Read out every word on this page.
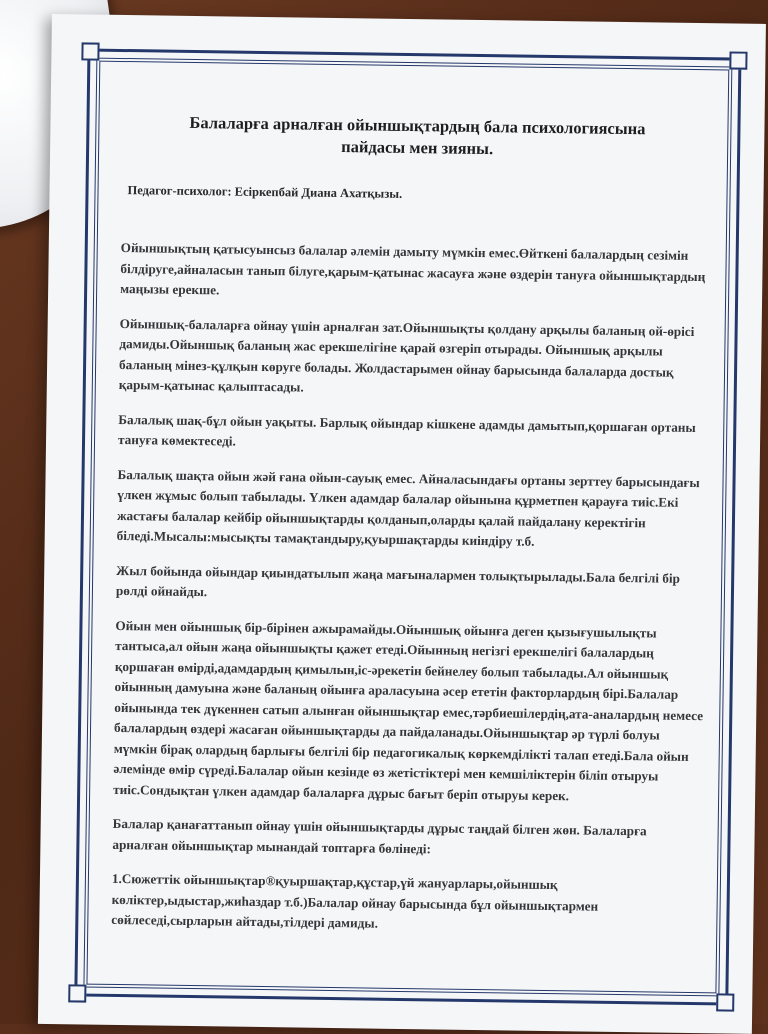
Балаларға арналған ойыншықтардың бала психологиясына
пайдасы мен зияны.
Педагог-психолог: Есіркепбай Диана Ахатқызы.

Ойыншықтың қатысуынсыз балалар әлемін дамыту мүмкін емес.Өйткені балалардың сезімін білдіруге,айналасын танып білуге,қарым-қатынас жасауға және өздерін тануға ойыншықтардың маңызы ерекше.

Ойыншық-балаларға ойнау үшін арналған зат.Ойыншықты қолдану арқылы баланың ой-өрісі дамиды.Ойыншық баланың жас ерекшелігіне қарай өзгеріп отырады. Ойыншық арқылы баланың мінез-құлқын көруге болады. Жолдастарымен ойнау барысында балаларда достық қарым-қатынас қалыптасады.

Балалық шақ-бұл ойын уақыты. Барлық ойындар кішкене адамды дамытып,қоршаған ортаны тануға көмектеседі.

Балалық шақта ойын жәй ғана ойын-сауық емес. Айналасындағы ортаны зерттеу барысындағы үлкен жұмыс болып табылады. Үлкен адамдар балалар ойынына құрметпен қарауға тиіс.Екі жастағы балалар кейбір ойыншықтарды қолданып,оларды қалай пайдалану керектігін біледі.Мысалы:мысықты тамақтандыру,қуыршақтарды киіндіру т.б.

Жыл бойында ойындар қиындатылып жаңа мағыналармен толықтырылады.Бала белгілі бір рөлді ойнайды.

Ойын мен ойыншық бір-бірінен ажырамайды.Ойыншық ойынға деген қызығушылықты тантыса,ал ойын жаңа ойыншықты қажет етеді.Ойынның негізгі ерекшелігі балалардың қоршаған өмірді,адамдардың қимылын,іс-әрекетін бейнелеу болып табылады.Ал ойыншық ойынның дамуына және баланың ойынға араласуына әсер ететін факторлардың бірі.Балалар ойынында тек дүкеннен сатып алынған ойыншықтар емес,тәрбиешілердің,ата-аналардың немесе балалардың өздері жасаған ойыншықтарды да пайдаланады.Ойыншықтар әр түрлі болуы мүмкін бірақ олардың барлығы белгілі бір педагогикалық көркемділікті талап етеді.Бала ойын әлемінде өмір сүреді.Балалар ойын кезінде өз жетістіктері мен кемшіліктерін біліп отыруы тиіс.Сондықтан үлкен адамдар балаларға дұрыс бағыт беріп отыруы керек.

Балалар қанағаттанып ойнау үшін ойыншықтарды дұрыс таңдай білген жөн. Балаларға арналған ойыншықтар мынандай топтарға бөлінеді:

1.Сюжеттік ойыншықтар®қуыршақтар,құстар,үй жануарлары,ойыншық көліктер,ыдыстар,жиһаздар т.б.)Балалар ойнау барысында бұл ойыншықтармен сөйлеседі,сырларын айтады,тілдері дамиды.
